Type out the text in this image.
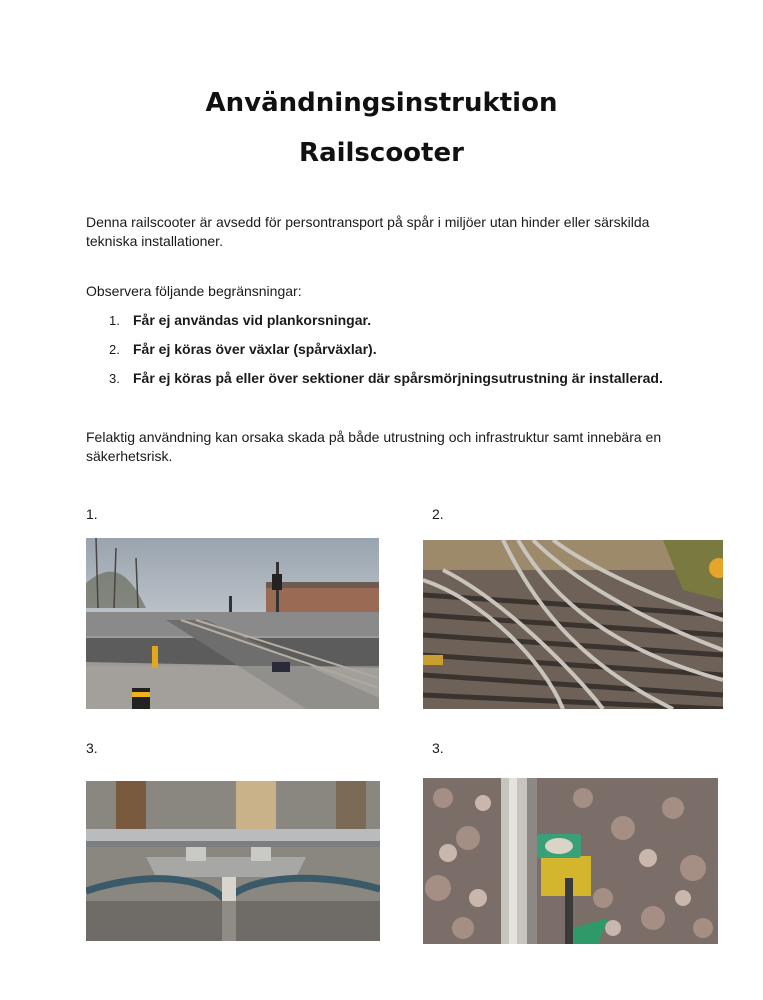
Användningsinstruktion
Railscooter
Denna railscooter är avsedd för persontransport på spår i miljöer utan hinder eller särskilda tekniska installationer.
Observera följande begränsningar:
1. Får ej användas vid plankorsningar.
2. Får ej köras över växlar (spårväxlar).
3. Får ej köras på eller över sektioner där spårsmörjningsutrustning är installerad.
Felaktig användning kan orsaka skada på både utrustning och infrastruktur samt innebära en säkerhetsrisk.
1.	2.
3.	3.
